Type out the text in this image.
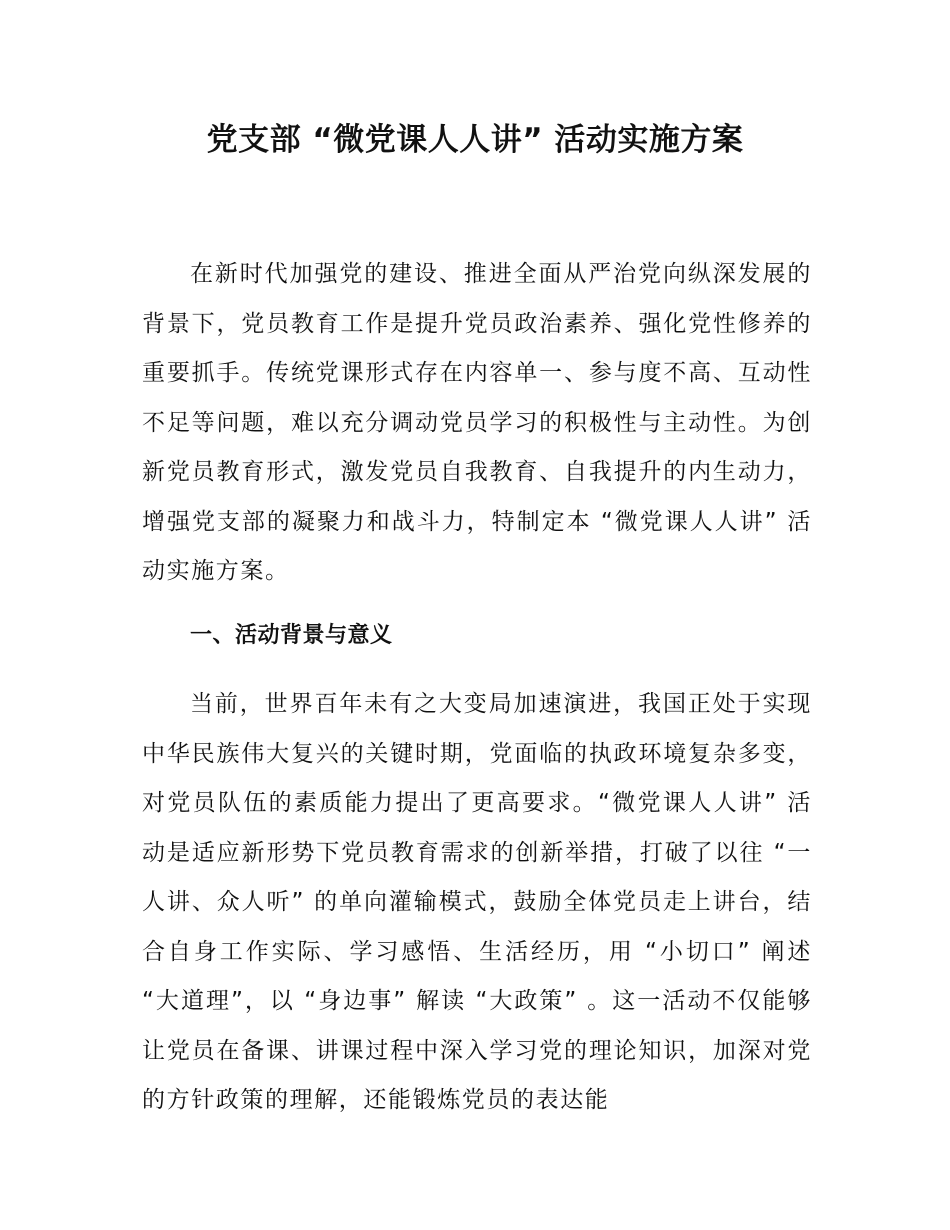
党支部 “微党课人人讲” 活动实施方案

在新时代加强党的建设、推进全面从严治党向纵深发展的背景下，党员教育工作是提升党员政治素养、强化党性修养的重要抓手。传统党课形式存在内容单一、参与度不高、互动性不足等问题，难以充分调动党员学习的积极性与主动性。为创新党员教育形式，激发党员自我教育、自我提升的内生动力，增强党支部的凝聚力和战斗力，特制定本 “微党课人人讲” 活动实施方案。

一、活动背景与意义

当前，世界百年未有之大变局加速演进，我国正处于实现中华民族伟大复兴的关键时期，党面临的执政环境复杂多变，对党员队伍的素质能力提出了更高要求。“微党课人人讲” 活动是适应新形势下党员教育需求的创新举措，打破了以往 “一人讲、众人听” 的单向灌输模式，鼓励全体党员走上讲台，结合自身工作实际、学习感悟、生活经历，用 “小切口” 阐述 “大道理”，以 “身边事” 解读 “大政策” 。这一活动不仅能够让党员在备课、讲课过程中深入学习党的理论知识，加深对党的方针政策的理解，还能锻炼党员的表达能
